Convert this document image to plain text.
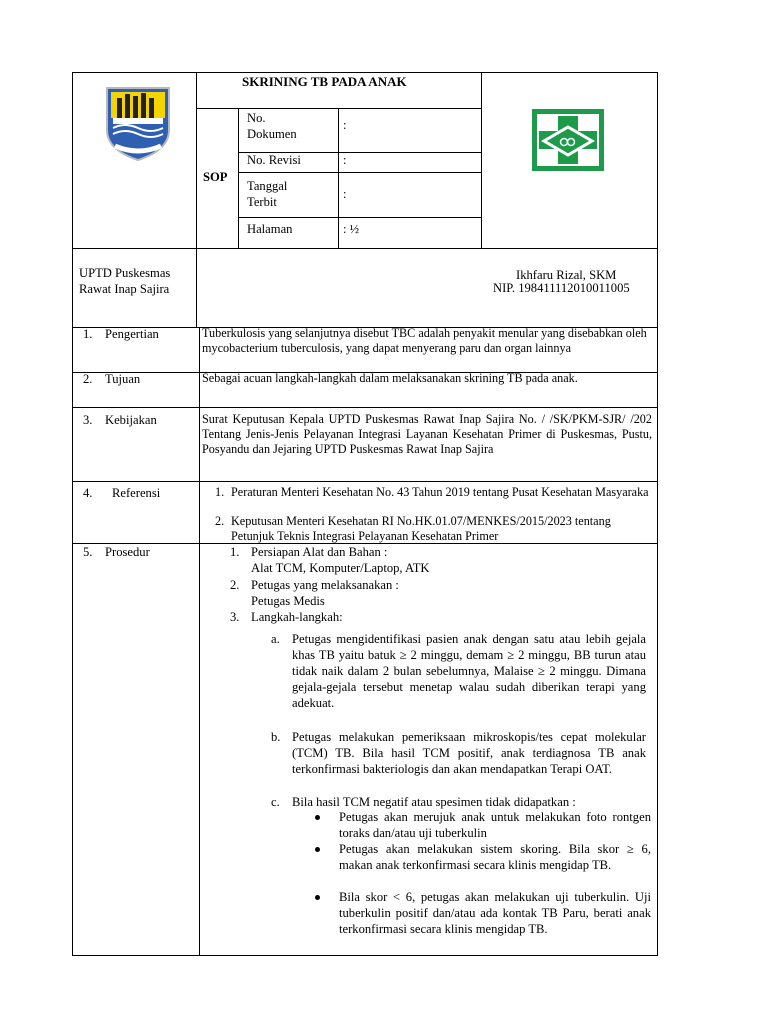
SKRINING TB PADA ANAK
SOP
No. Dokumen
:
No. Revisi	:
Tanggal Terbit
:
Halaman	: ½
UPTD Puskesmas Rawat Inap Sajira
Ikhfaru Rizal, SKM
NIP. 198411112010011005
1. Pengertian
2. Tujuan
3. Kebijakan
4. Referensi
5. Prosedur
Tuberkulosis yang selanjutnya disebut TBC adalah penyakit menular yang disebabkan oleh mycobacterium tuberculosis, yang dapat menyerang paru dan organ lainnya
Sebagai acuan langkah-langkah dalam melaksanakan skrining TB pada anak.
Surat Keputusan Kepala UPTD Puskesmas Rawat Inap Sajira No. / /SK/PKM-SJR/ /202 Tentang Jenis-Jenis Pelayanan Integrasi Layanan Kesehatan Primer di Puskesmas, Pustu, Posyandu dan Jejaring UPTD Puskesmas Rawat Inap Sajira
1. Peraturan Menteri Kesehatan No. 43 Tahun 2019 tentang Pusat Kesehatan Masyaraka
2. Keputusan Menteri Kesehatan RI No.HK.01.07/MENKES/2015/2023 tentang Petunjuk Teknis Integrasi Pelayanan Kesehatan Primer
1. Persiapan Alat dan Bahan :
Alat TCM, Komputer/Laptop, ATK
2. Petugas yang melaksanakan :
Petugas Medis
3. Langkah-langkah:
a. Petugas mengidentifikasi pasien anak dengan satu atau lebih gejala khas TB yaitu batuk ≥ 2 minggu, demam ≥ 2 minggu, BB turun atau tidak naik dalam 2 bulan sebelumnya, Malaise ≥ 2 minggu. Dimana gejala-gejala tersebut menetap walau sudah diberikan terapi yang adekuat.
b. Petugas melakukan pemeriksaan mikroskopis/tes cepat molekular (TCM) TB. Bila hasil TCM positif, anak terdiagnosa TB anak terkonfirmasi bakteriologis dan akan mendapatkan Terapi OAT.
c. Bila hasil TCM negatif atau spesimen tidak didapatkan :
Petugas akan merujuk anak untuk melakukan foto rontgen toraks dan/atau uji tuberkulin
Petugas akan melakukan sistem skoring. Bila skor ≥ 6, makan anak terkonfirmasi secara klinis mengidap TB.
Bila skor < 6, petugas akan melakukan uji tuberkulin. Uji tuberkulin positif dan/atau ada kontak TB Paru, berati anak terkonfirmasi secara klinis mengidap TB.
